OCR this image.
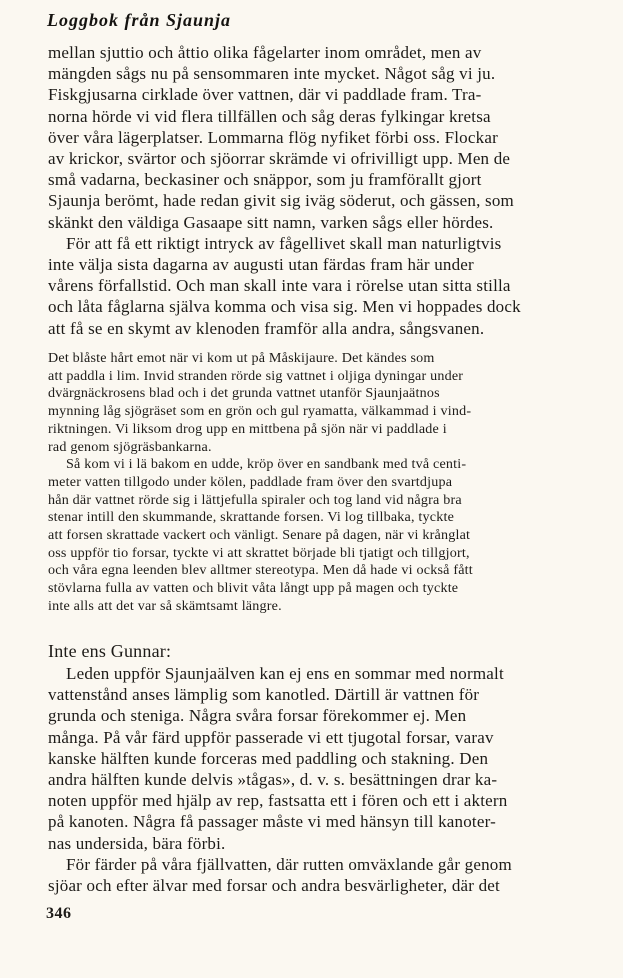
Loggbok från Sjaunja
mellan sjuttio och åttio olika fågelarter inom området, men av
mängden sågs nu på sensommaren inte mycket. Något såg vi ju.
Fiskgjusarna cirklade över vattnen, där vi paddlade fram. Tra-
norna hörde vi vid flera tillfällen och såg deras fylkingar kretsa
över våra lägerplatser. Lommarna flög nyfiket förbi oss. Flockar
av krickor, svärtor och sjöorrar skrämde vi ofrivilligt upp. Men de
små vadarna, beckasiner och snäppor, som ju framförallt gjort
Sjaunja berömt, hade redan givit sig iväg söderut, och gässen, som
skänkt den väldiga Gasaape sitt namn, varken sågs eller hördes.
För att få ett riktigt intryck av fågellivet skall man naturligtvis
inte välja sista dagarna av augusti utan färdas fram här under
vårens förfallstid. Och man skall inte vara i rörelse utan sitta stilla
och låta fåglarna själva komma och visa sig. Men vi hoppades dock
att få se en skymt av klenoden framför alla andra, sångsvanen.
Det blåste hårt emot när vi kom ut på Måskijaure. Det kändes som
att paddla i lim. Invid stranden rörde sig vattnet i oljiga dyningar under
dvärgnäckrosens blad och i det grunda vattnet utanför Sjaunjaätnos
mynning låg sjögräset som en grön och gul ryamatta, välkammad i vind-
riktningen. Vi liksom drog upp en mittbena på sjön när vi paddlade i
rad genom sjögräsbankarna.
Så kom vi i lä bakom en udde, kröp över en sandbank med två centi-
meter vatten tillgodo under kölen, paddlade fram över den svartdjupa
hån där vattnet rörde sig i lättjefulla spiraler och tog land vid några bra
stenar intill den skummande, skrattande forsen. Vi log tillbaka, tyckte
att forsen skrattade vackert och vänligt. Senare på dagen, när vi krånglat
oss uppför tio forsar, tyckte vi att skrattet började bli tjatigt och tillgjort,
och våra egna leenden blev alltmer stereotypa. Men då hade vi också fått
stövlarna fulla av vatten och blivit våta långt upp på magen och tyckte
inte alls att det var så skämtsamt längre.
Inte ens Gunnar:
Leden uppför Sjaunjaälven kan ej ens en sommar med normalt
vattenstånd anses lämplig som kanotled. Därtill är vattnen för
grunda och steniga. Några svåra forsar förekommer ej. Men
många. På vår färd uppför passerade vi ett tjugotal forsar, varav
kanske hälften kunde forceras med paddling och stakning. Den
andra hälften kunde delvis »tågas», d. v. s. besättningen drar ka-
noten uppför med hjälp av rep, fastsatta ett i fören och ett i aktern
på kanoten. Några få passager måste vi med hänsyn till kanoter-
nas undersida, bära förbi.
För färder på våra fjällvatten, där rutten omväxlande går genom
sjöar och efter älvar med forsar och andra besvärligheter, där det
346
